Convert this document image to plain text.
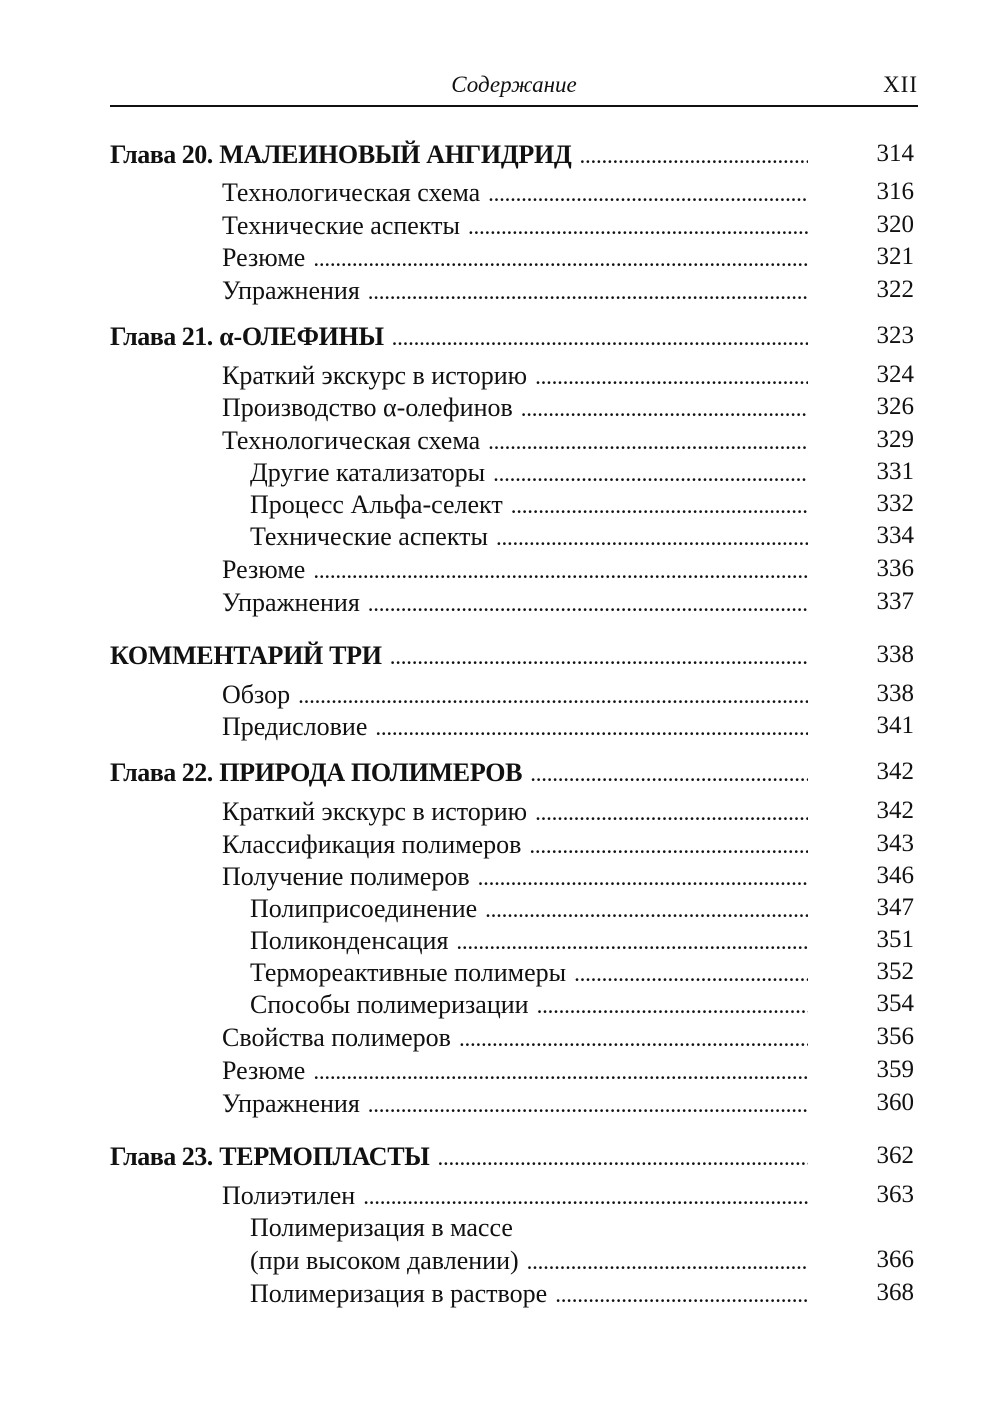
Содержание	XII
Глава 20. МАЛЕИНОВЫЙ АНГИДРИД . . .	314
Технологическая схема . . .	316
Технические аспекты . . .	320
Резюме . . .	321
Упражнения . . .	322
Глава 21. α-ОЛЕФИНЫ . . .	323
Краткий экскурс в историю . . .	324
Производство α-олефинов . . .	326
Технологическая схема . . .	329
Другие катализаторы . . .	331
Процесс Альфа-селект . . .	332
Технические аспекты . . .	334
Резюме . . .	336
Упражнения . . .	337
КОММЕНТАРИЙ ТРИ . . .	338
Обзор . . .	338
Предисловие . . .	341
Глава 22. ПРИРОДА ПОЛИМЕРОВ . . .	342
Краткий экскурс в историю . . .	342
Классификация полимеров . . .	343
Получение полимеров . . .	346
Полиприсоединение . . .	347
Поликонденсация . . .	351
Термореактивные полимеры . . .	352
Способы полимеризации . . .	354
Свойства полимеров . . .	356
Резюме . . .	359
Упражнения . . .	360
Глава 23. ТЕРМОПЛАСТЫ . . .	362
Полиэтилен . . .	363
Полимеризация в массе
(при высоком давлении) . . .	366
Полимеризация в растворе . . .	368
